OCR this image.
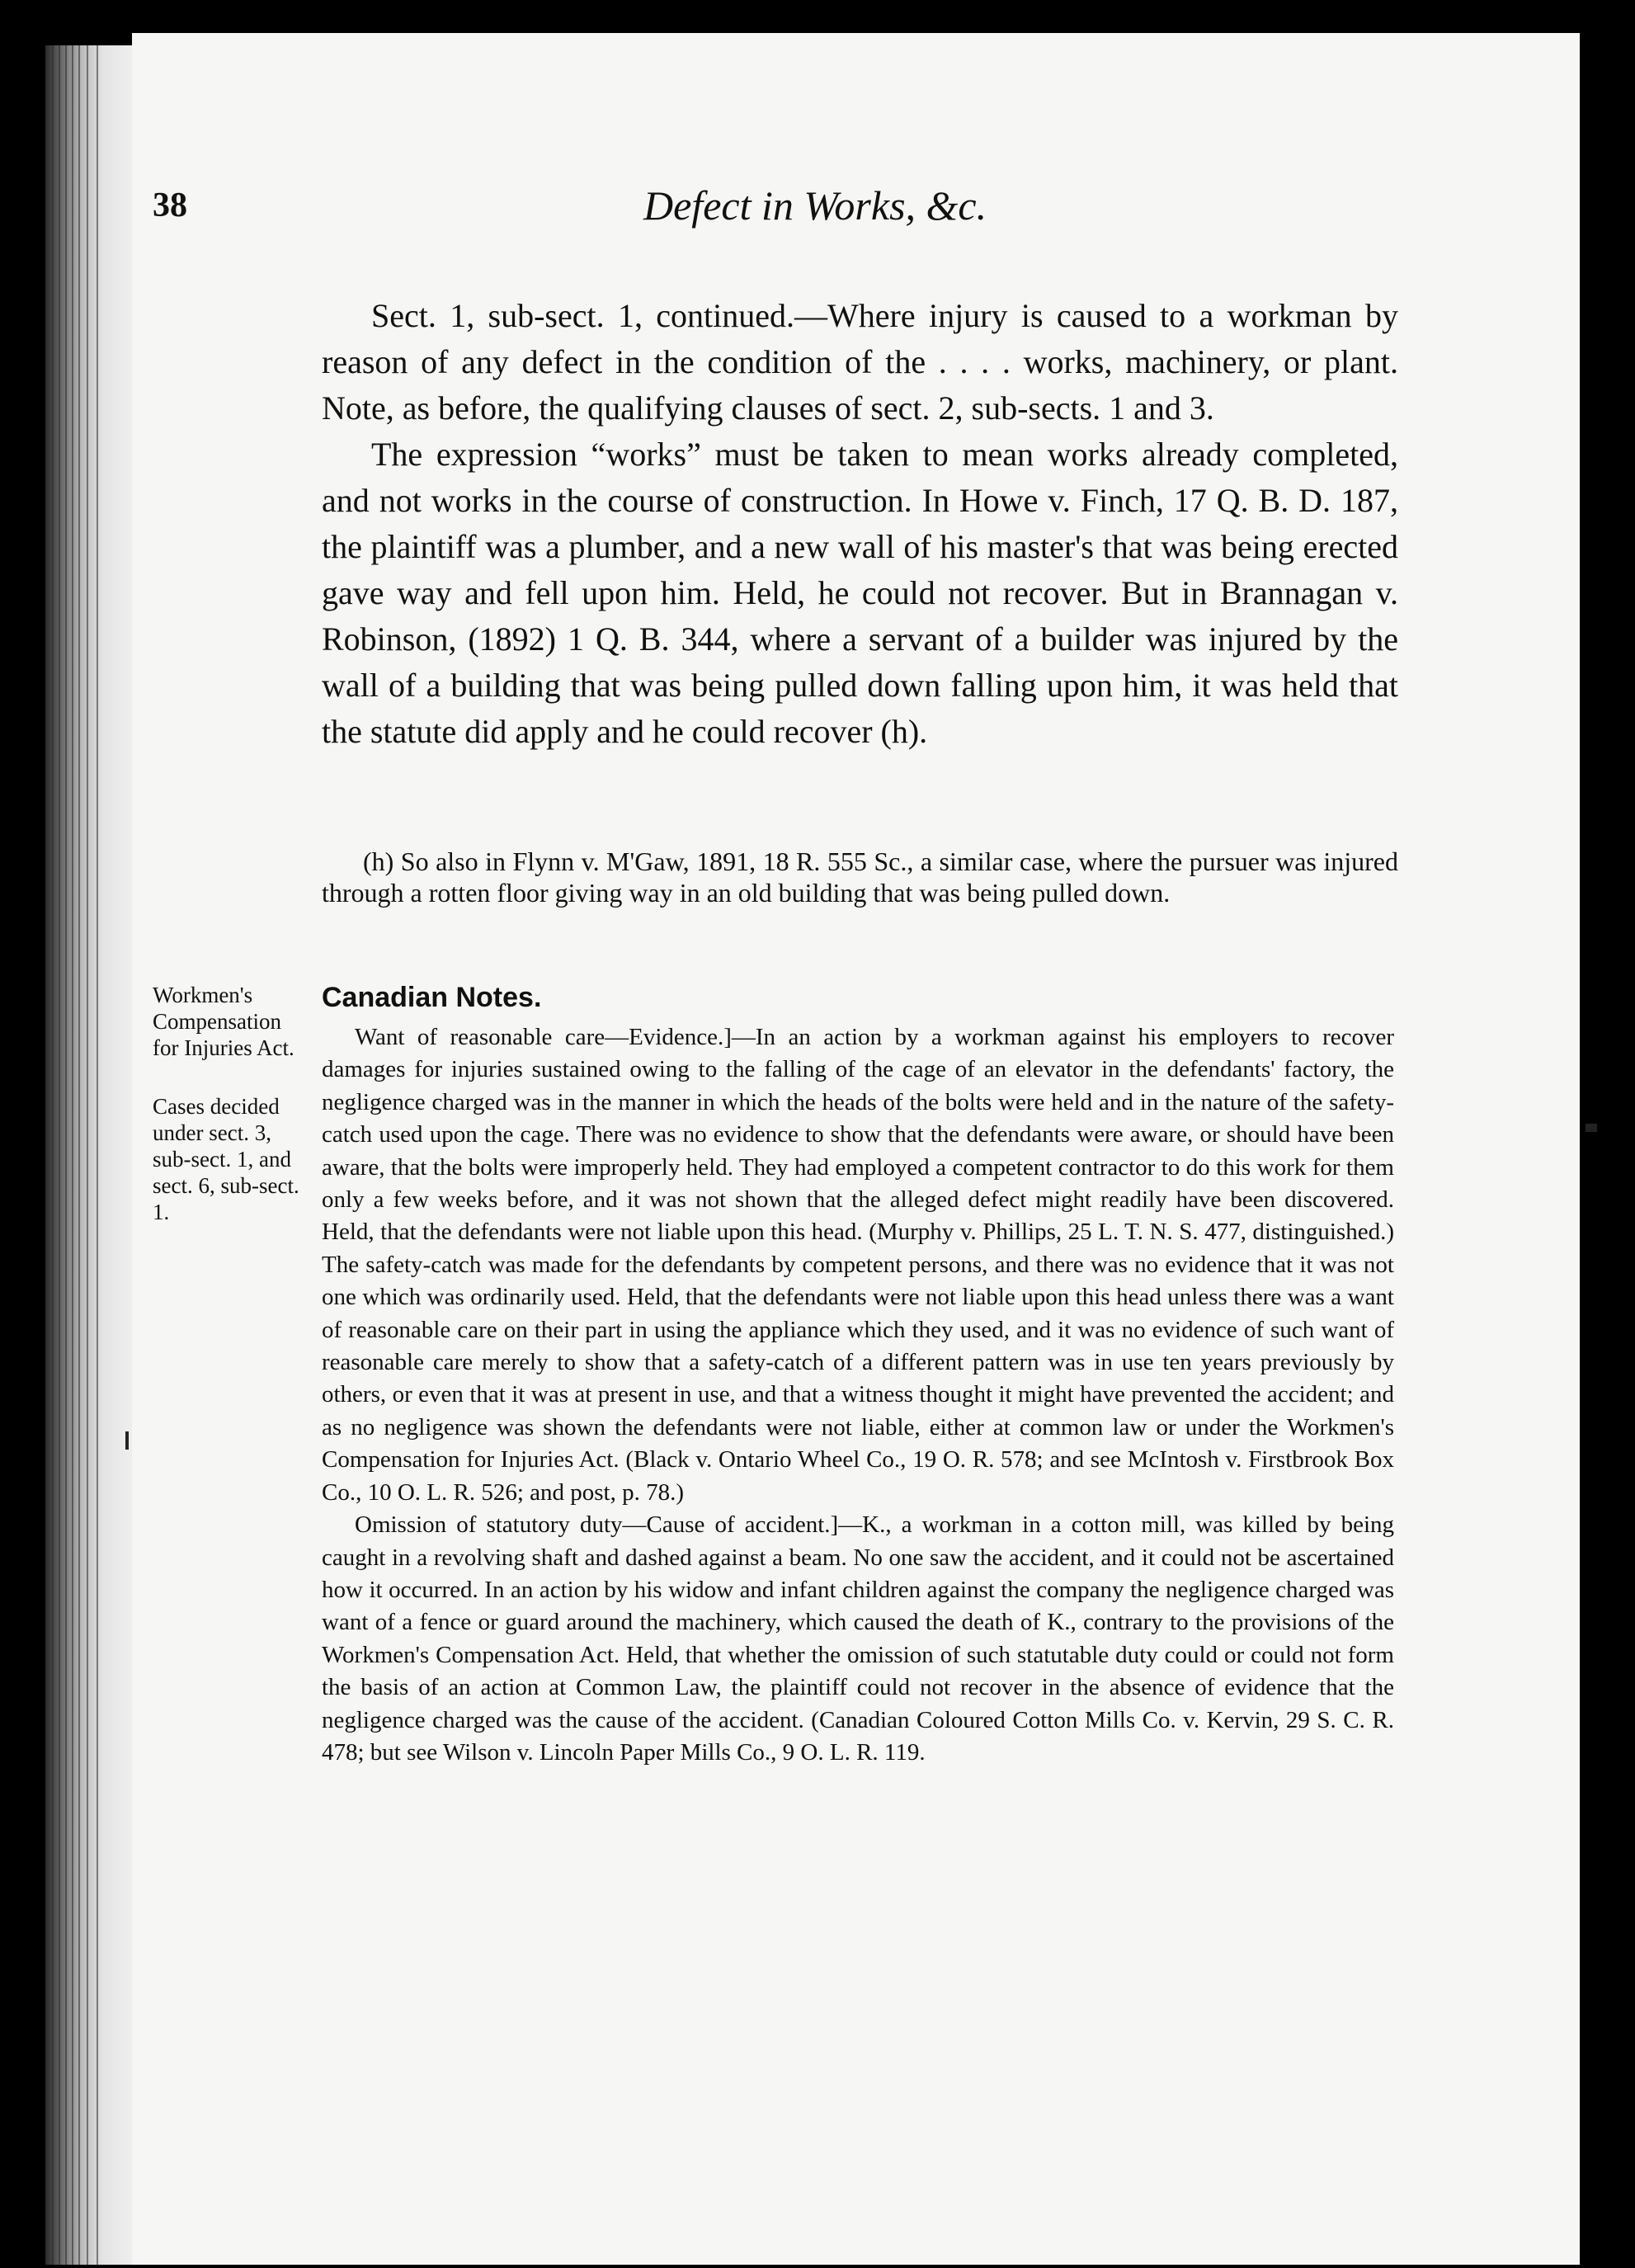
38	Defect in Works, &c.

Sect. 1, sub-sect. 1, continued.—Where injury is caused to a workman by reason of any defect in the condition of the . . . . works, machinery, or plant. Note, as before, the qualifying clauses of sect. 2, sub-sects. 1 and 3.

The expression “works” must be taken to mean works already completed, and not works in the course of construction. In Howe v. Finch, 17 Q. B. D. 187, the plaintiff was a plumber, and a new wall of his master's that was being erected gave way and fell upon him. Held, he could not recover. But in Brannagan v. Robinson, (1892) 1 Q. B. 344, where a servant of a builder was injured by the wall of a building that was being pulled down falling upon him, it was held that the statute did apply and he could recover (h).

(h) So also in Flynn v. M'Gaw, 1891, 18 R. 555 Sc., a similar case, where the pursuer was injured through a rotten floor giving way in an old building that was being pulled down.

Workmen's Compensation for Injuries Act.
Cases decided under sect. 3, sub-sect. 1, and sect. 6, sub-sect. 1.
Canadian Notes.

Want of reasonable care—Evidence.]—In an action by a workman against his employers to recover damages for injuries sustained owing to the falling of the cage of an elevator in the defendants' factory, the negligence charged was in the manner in which the heads of the bolts were held and in the nature of the safety-catch used upon the cage. There was no evidence to show that the defendants were aware, or should have been aware, that the bolts were improperly held. They had employed a competent contractor to do this work for them only a few weeks before, and it was not shown that the alleged defect might readily have been discovered. Held, that the defendants were not liable upon this head. (Murphy v. Phillips, 25 L. T. N. S. 477, distinguished.) The safety-catch was made for the defendants by competent persons, and there was no evidence that it was not one which was ordinarily used. Held, that the defendants were not liable upon this head unless there was a want of reasonable care on their part in using the appliance which they used, and it was no evidence of such want of reasonable care merely to show that a safety-catch of a different pattern was in use ten years previously by others, or even that it was at present in use, and that a witness thought it might have prevented the accident; and as no negligence was shown the defendants were not liable, either at common law or under the Workmen's Compensation for Injuries Act. (Black v. Ontario Wheel Co., 19 O. R. 578; and see McIntosh v. Firstbrook Box Co., 10 O. L. R. 526; and post, p. 78.)

Omission of statutory duty—Cause of accident.]—K., a workman in a cotton mill, was killed by being caught in a revolving shaft and dashed against a beam. No one saw the accident, and it could not be ascertained how it occurred. In an action by his widow and infant children against the company the negligence charged was want of a fence or guard around the machinery, which caused the death of K., contrary to the provisions of the Workmen's Compensation Act. Held, that whether the omission of such statutable duty could or could not form the basis of an action at Common Law, the plaintiff could not recover in the absence of evidence that the negligence charged was the cause of the accident. (Canadian Coloured Cotton Mills Co. v. Kervin, 29 S. C. R. 478; but see Wilson v. Lincoln Paper Mills Co., 9 O. L. R. 119.
